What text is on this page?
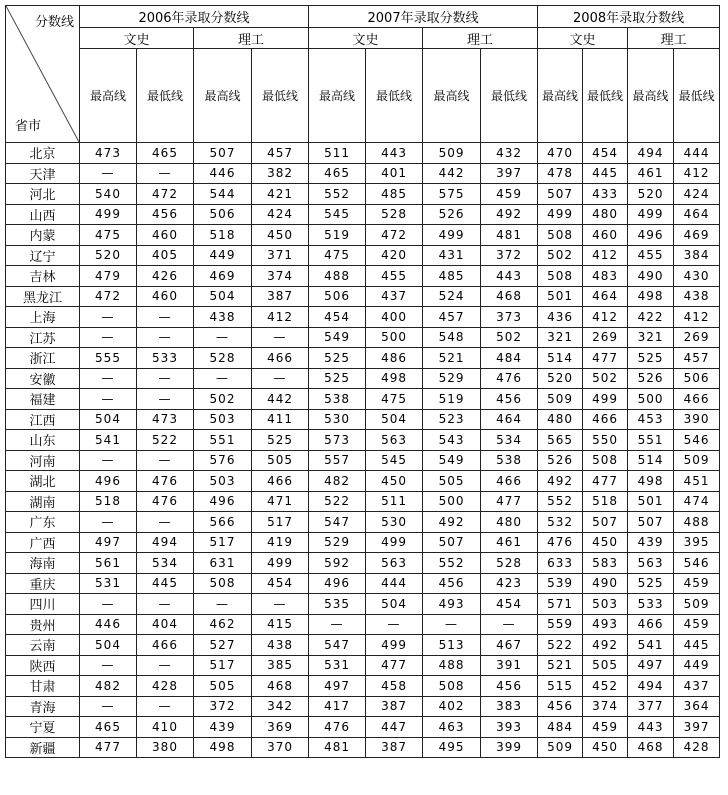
分数线
省市	2006年录取分数线				2007年录取分数线				2008年录取分数线			
	文史		理工		文史		理工		文史		理工	
	最高线	最低线	最高线	最低线	最高线	最低线	最高线	最低线	最高线	最低线	最高线	最低线
北京	473	465	507	457	511	443	509	432	470	454	494	444
天津	—	—	446	382	465	401	442	397	478	445	461	412
河北	540	472	544	421	552	485	575	459	507	433	520	424
山西	499	456	506	424	545	528	526	492	499	480	499	464
内蒙	475	460	518	450	519	472	499	481	508	460	496	469
辽宁	520	405	449	371	475	420	431	372	502	412	455	384
吉林	479	426	469	374	488	455	485	443	508	483	490	430
黑龙江	472	460	504	387	506	437	524	468	501	464	498	438
上海	—	—	438	412	454	400	457	373	436	412	422	412
江苏	—	—	—	—	549	500	548	502	321	269	321	269
浙江	555	533	528	466	525	486	521	484	514	477	525	457
安徽	—	—	—	—	525	498	529	476	520	502	526	506
福建	—	—	502	442	538	475	519	456	509	499	500	466
江西	504	473	503	411	530	504	523	464	480	466	453	390
山东	541	522	551	525	573	563	543	534	565	550	551	546
河南	—	—	576	505	557	545	549	538	526	508	514	509
湖北	496	476	503	466	482	450	505	466	492	477	498	451
湖南	518	476	496	471	522	511	500	477	552	518	501	474
广东	—	—	566	517	547	530	492	480	532	507	507	488
广西	497	494	517	419	529	499	507	461	476	450	439	395
海南	561	534	631	499	592	563	552	528	633	583	563	546
重庆	531	445	508	454	496	444	456	423	539	490	525	459
四川	—	—	—	—	535	504	493	454	571	503	533	509
贵州	446	404	462	415	—	—	—	—	559	493	466	459
云南	504	466	527	438	547	499	513	467	522	492	541	445
陕西	—	—	517	385	531	477	488	391	521	505	497	449
甘肃	482	428	505	468	497	458	508	456	515	452	494	437
青海	—	—	372	342	417	387	402	383	456	374	377	364
宁夏	465	410	439	369	476	447	463	393	484	459	443	397
新疆	477	380	498	370	481	387	495	399	509	450	468	428
